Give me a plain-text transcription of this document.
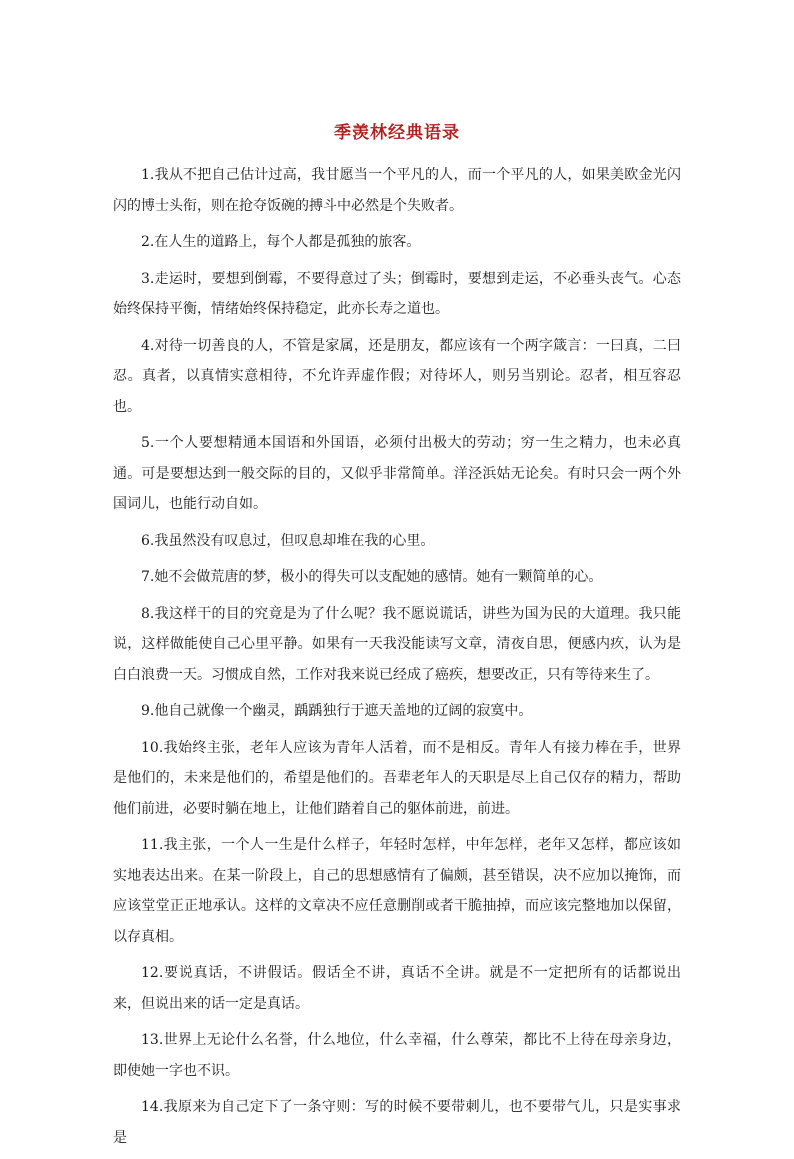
季羡林经典语录

1.我从不把自己估计过高，我甘愿当一个平凡的人，而一个平凡的人，如果美欧金光闪闪的博士头衔，则在抢夺饭碗的搏斗中必然是个失败者。

2.在人生的道路上，每个人都是孤独的旅客。

3.走运时，要想到倒霉，不要得意过了头；倒霉时，要想到走运，不必垂头丧气。心态始终保持平衡，情绪始终保持稳定，此亦长寿之道也。

4.对待一切善良的人，不管是家属，还是朋友，都应该有一个两字箴言：一曰真，二曰忍。真者，以真情实意相待，不允许弄虚作假；对待坏人，则另当别论。忍者，相互容忍也。

5.一个人要想精通本国语和外国语，必须付出极大的劳动；穷一生之精力，也未必真通。可是要想达到一般交际的目的，又似乎非常简单。洋泾浜姑无论矣。有时只会一两个外国词儿，也能行动自如。

6.我虽然没有叹息过，但叹息却堆在我的心里。

7.她不会做荒唐的梦，极小的得失可以支配她的感情。她有一颗简单的心。

8.我这样干的目的究竟是为了什么呢？我不愿说谎话，讲些为国为民的大道理。我只能说，这样做能使自己心里平静。如果有一天我没能读写文章，清夜自思，便感内疚，认为是白白浪费一天。习惯成自然，工作对我来说已经成了癌疾，想要改正，只有等待来生了。

9.他自己就像一个幽灵，踽踽独行于遮天盖地的辽阔的寂寞中。

10.我始终主张，老年人应该为青年人活着，而不是相反。青年人有接力棒在手，世界是他们的，未来是他们的，希望是他们的。吾辈老年人的天职是尽上自己仅存的精力，帮助他们前进，必要时躺在地上，让他们踏着自己的躯体前进，前进。

11.我主张，一个人一生是什么样子，年轻时怎样，中年怎样，老年又怎样，都应该如实地表达出来。在某一阶段上，自己的思想感情有了偏颇，甚至错误，决不应加以掩饰，而应该堂堂正正地承认。这样的文章决不应任意删削或者干脆抽掉，而应该完整地加以保留，以存真相。

12.要说真话，不讲假话。假话全不讲，真话不全讲。就是不一定把所有的话都说出来，但说出来的话一定是真话。

13.世界上无论什么名誉，什么地位，什么幸福，什么尊荣，都比不上待在母亲身边，即使她一字也不识。

14.我原来为自己定下了一条守则：写的时候不要带刺儿，也不要带气儿，只是实事求是
